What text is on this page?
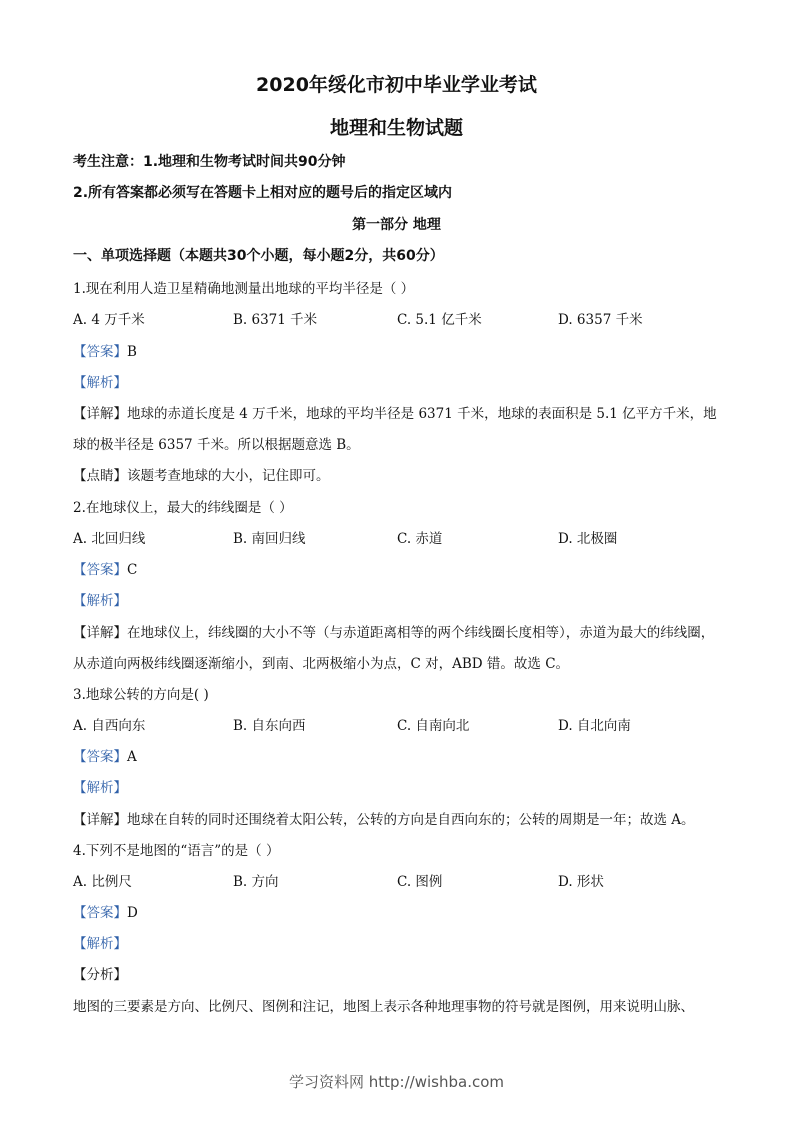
2020年绥化市初中毕业学业考试
地理和生物试题
考生注意：1.地理和生物考试时间共90分钟
2.所有答案都必须写在答题卡上相对应的题号后的指定区域内
第一部分 地理
一、单项选择题（本题共30个小题，每小题2分，共60分）
1.现在利用人造卫星精确地测量出地球的平均半径是（ ）
A. 4 万千米	B. 6371 千米	C. 5.1 亿千米	D. 6357 千米
【答案】B
【解析】
【详解】地球的赤道长度是 4 万千米，地球的平均半径是 6371 千米，地球的表面积是 5.1 亿平方千米，地
球的极半径是 6357 千米。所以根据题意选 B。
【点睛】该题考查地球的大小，记住即可。
2.在地球仪上，最大的纬线圈是（ ）
A. 北回归线	B. 南回归线	C. 赤道	D. 北极圈
【答案】C
【解析】
【详解】在地球仪上，纬线圈的大小不等（与赤道距离相等的两个纬线圈长度相等），赤道为最大的纬线圈，
从赤道向两极纬线圈逐渐缩小，到南、北两极缩小为点，C 对，ABD 错。故选 C。
3.地球公转的方向是( )
A. 自西向东	B. 自东向西	C. 自南向北	D. 自北向南
【答案】A
【解析】
【详解】地球在自转的同时还围绕着太阳公转，公转的方向是自西向东的；公转的周期是一年；故选 A。
4.下列不是地图的“语言”的是（ ）
A. 比例尺	B. 方向	C. 图例	D. 形状
【答案】D
【解析】
【分析】
地图的三要素是方向、比例尺、图例和注记，地图上表示各种地理事物的符号就是图例，用来说明山脉、
学习资料网 http://wishba.com
